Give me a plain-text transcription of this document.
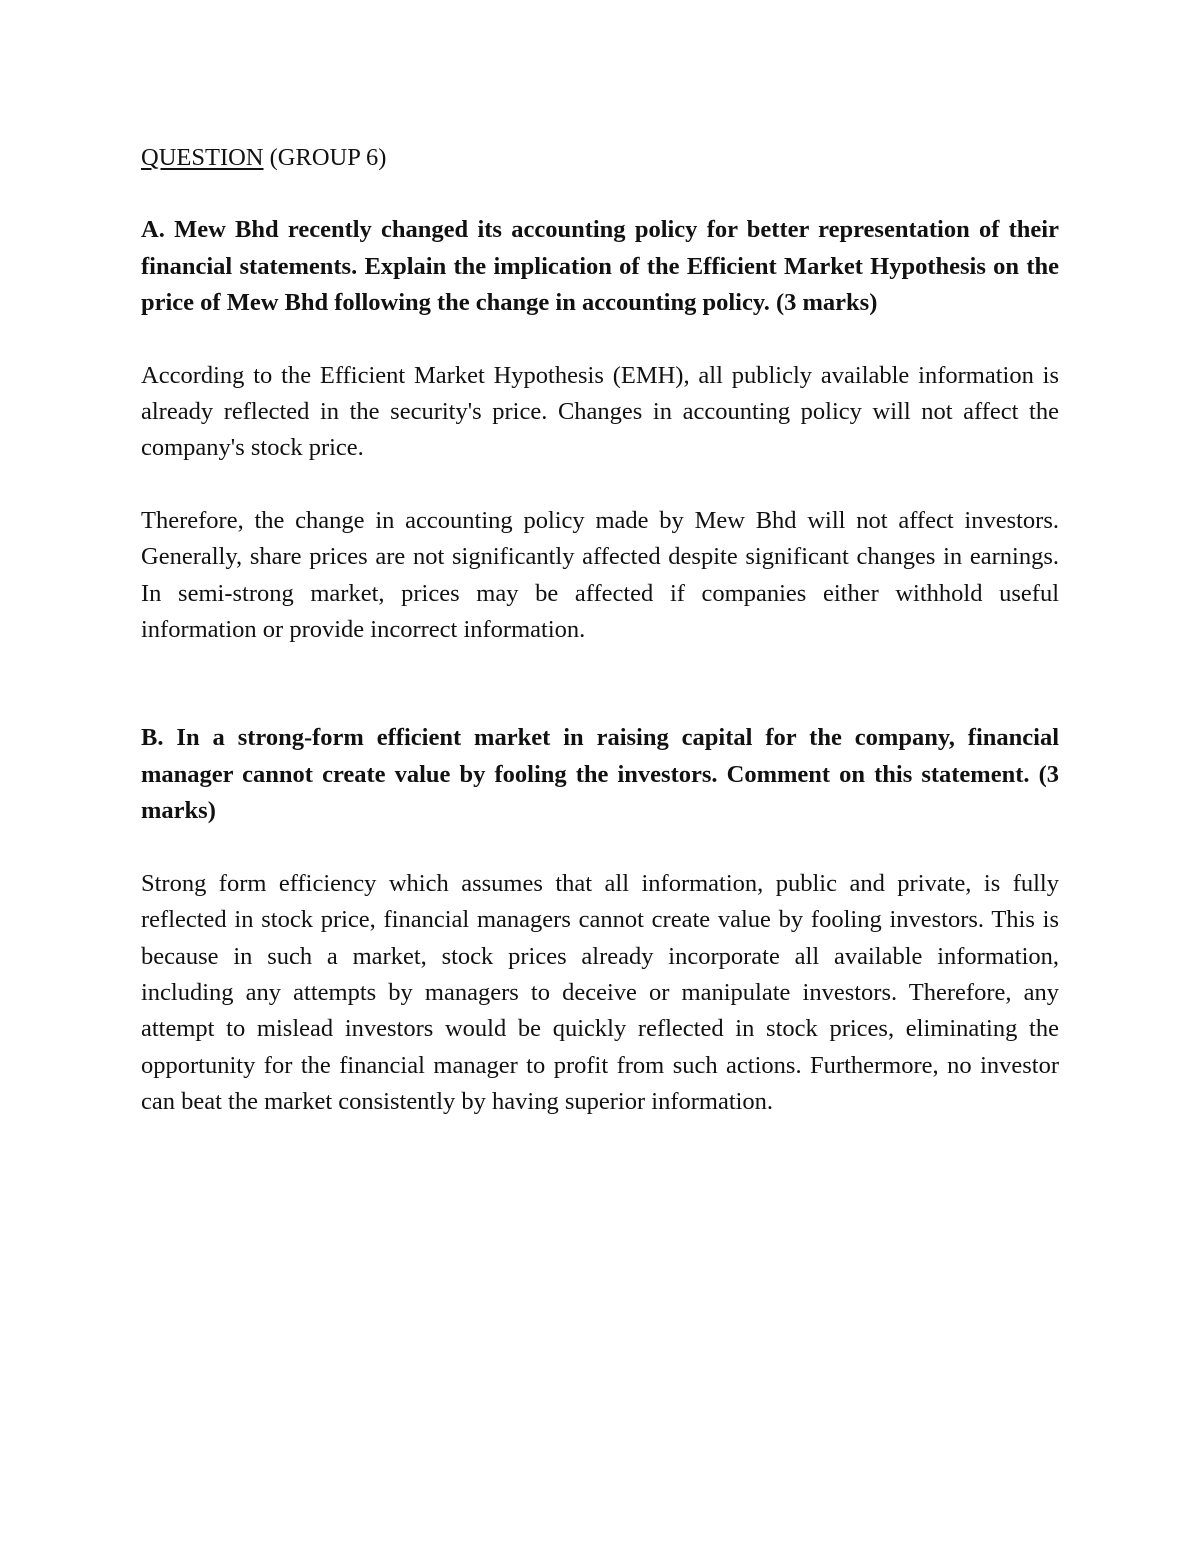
QUESTION (GROUP 6)

A. Mew Bhd recently changed its accounting policy for better representation of their financial statements. Explain the implication of the Efficient Market Hypothesis on the price of Mew Bhd following the change in accounting policy. (3 marks)

According to the Efficient Market Hypothesis (EMH), all publicly available information is already reflected in the security's price. Changes in accounting policy will not affect the company's stock price.

Therefore, the change in accounting policy made by Mew Bhd will not affect investors. Generally, share prices are not significantly affected despite significant changes in earnings. In semi-strong market, prices may be affected if companies either withhold useful information or provide incorrect information.

B. In a strong-form efficient market in raising capital for the company, financial manager cannot create value by fooling the investors. Comment on this statement. (3 marks)

Strong form efficiency which assumes that all information, public and private, is fully reflected in stock price, financial managers cannot create value by fooling investors. This is because in such a market, stock prices already incorporate all available information, including any attempts by managers to deceive or manipulate investors. Therefore, any attempt to mislead investors would be quickly reflected in stock prices, eliminating the opportunity for the financial manager to profit from such actions. Furthermore, no investor can beat the market consistently by having superior information.
